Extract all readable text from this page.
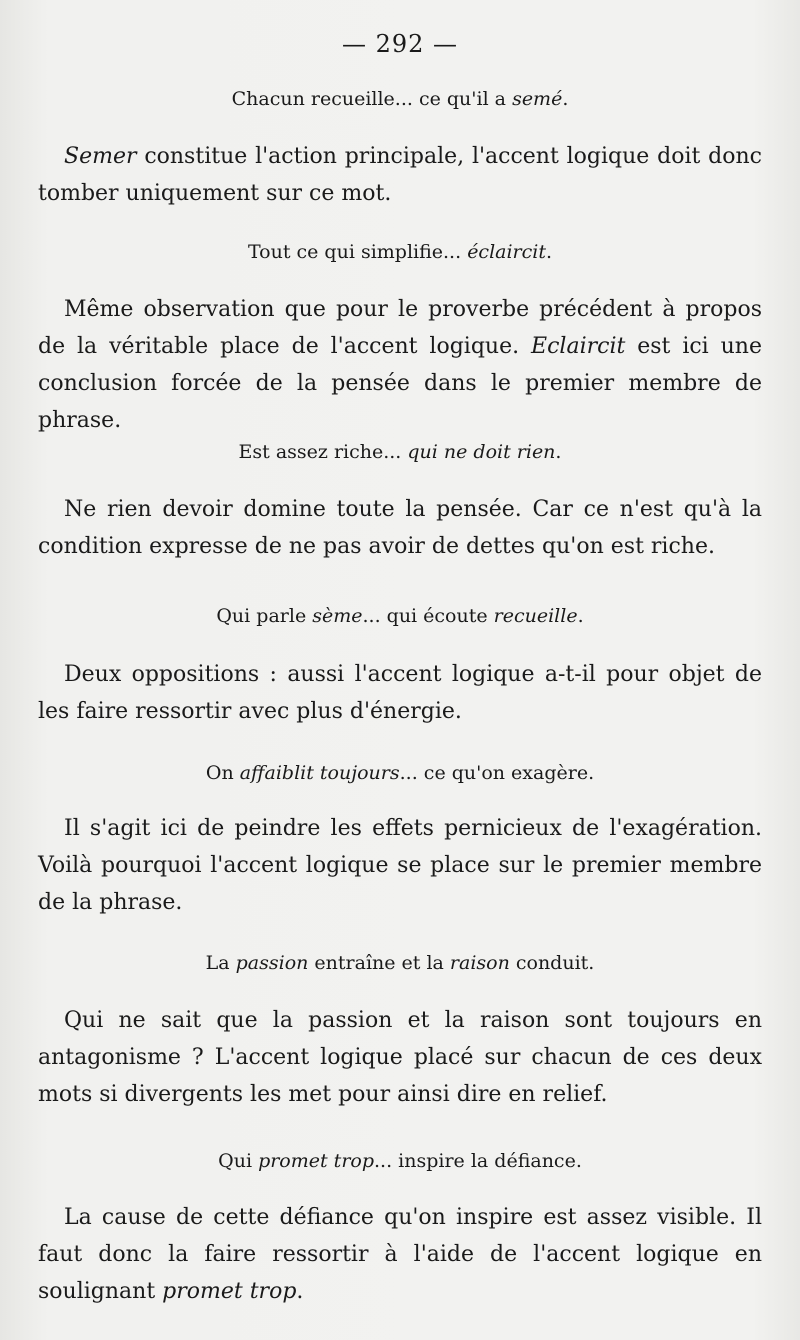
— 292 —
Chacun recueille... ce qu'il a semé.
Semer constitue l'action principale, l'accent logique doit donc tomber uniquement sur ce mot.
Tout ce qui simplifie... éclaircit.
Même observation que pour le proverbe précédent à propos de la véritable place de l'accent logique. Eclaircit est ici une conclusion forcée de la pensée dans le premier membre de phrase.
Est assez riche... qui ne doit rien.
Ne rien devoir domine toute la pensée. Car ce n'est qu'à la condition expresse de ne pas avoir de dettes qu'on est riche.
Qui parle sème... qui écoute recueille.
Deux oppositions : aussi l'accent logique a-t-il pour objet de les faire ressortir avec plus d'énergie.
On affaiblit toujours... ce qu'on exagère.
Il s'agit ici de peindre les effets pernicieux de l'exagération. Voilà pourquoi l'accent logique se place sur le premier membre de la phrase.
La passion entraîne et la raison conduit.
Qui ne sait que la passion et la raison sont toujours en antagonisme ? L'accent logique placé sur chacun de ces deux mots si divergents les met pour ainsi dire en relief.
Qui promet trop... inspire la défiance.
La cause de cette défiance qu'on inspire est assez visible. Il faut donc la faire ressortir à l'aide de l'accent logique en soulignant promet trop.
